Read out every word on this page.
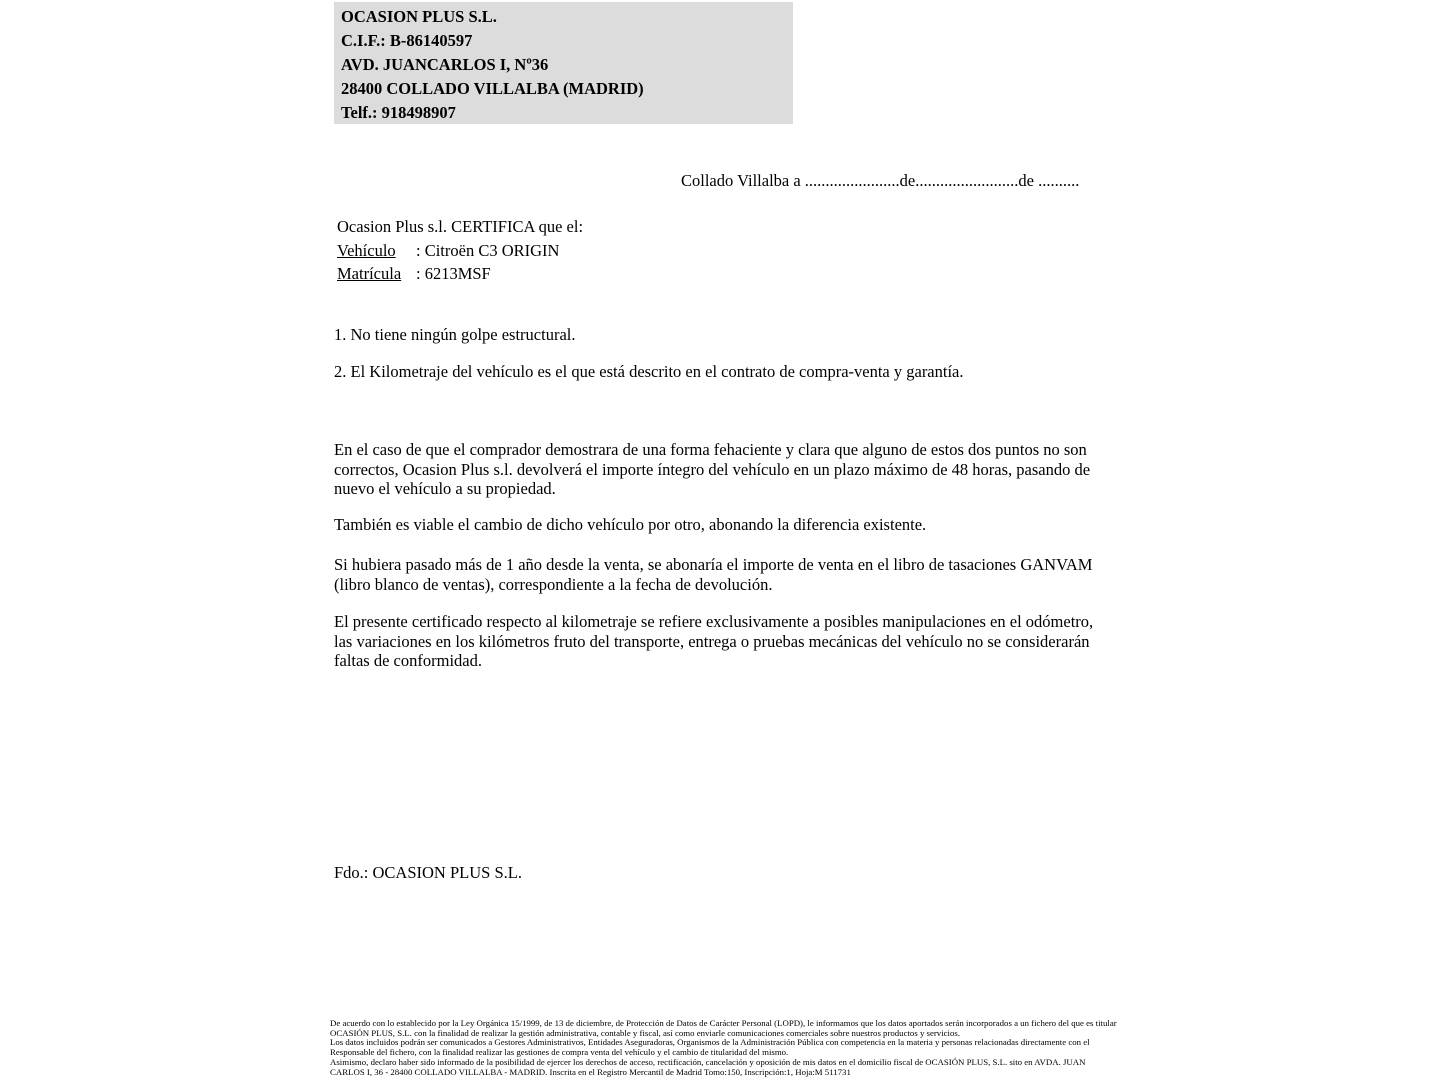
OCASION PLUS S.L.
C.I.F.: B-86140597
AVD. JUANCARLOS I, Nº36
28400 COLLADO VILLALBA (MADRID)
Telf.: 918498907
Collado Villalba a .......................de.........................de ..........
Ocasion Plus s.l. CERTIFICA que el:
Vehículo : Citroën C3 ORIGIN
Matrícula : 6213MSF
1. No tiene ningún golpe estructural.
2. El Kilometraje del vehículo es el que está descrito en el contrato de compra-venta y garantía.
En el caso de que el comprador demostrara de una forma fehaciente y clara que alguno de estos dos puntos no son correctos, Ocasion Plus s.l. devolverá el importe íntegro del vehículo en un plazo máximo de 48 horas, pasando de nuevo el vehículo a su propiedad.
También es viable el cambio de dicho vehículo por otro, abonando la diferencia existente.
Si hubiera pasado más de 1 año desde la venta, se abonaría el importe de venta en el libro de tasaciones GANVAM (libro blanco de ventas), correspondiente a la fecha de devolución.
El presente certificado respecto al kilometraje se refiere exclusivamente a posibles manipulaciones en el odómetro, las variaciones en los kilómetros fruto del transporte, entrega o pruebas mecánicas del vehículo no se considerarán faltas de conformidad.
Fdo.: OCASION PLUS S.L.
De acuerdo con lo establecido por la Ley Orgánica 15/1999, de 13 de diciembre, de Protección de Datos de Carácter Personal (LOPD), le informamos que los datos aportados serán incorporados a un fichero del que es titular
OCASIÓN PLUS, S.L. con la finalidad de realizar la gestión administrativa, contable y fiscal, así como enviarle comunicaciones comerciales sobre nuestros productos y servicios.
Los datos incluidos podrán ser comunicados a Gestores Administrativos, Entidades Aseguradoras, Organismos de la Administración Pública con competencia en la materia y personas relacionadas directamente con el
Responsable del fichero, con la finalidad realizar las gestiones de compra venta del vehículo y el cambio de titularidad del mismo.
Asimismo, declaro haber sido informado de la posibilidad de ejercer los derechos de acceso, rectificación, cancelación y oposición de mis datos en el domicilio fiscal de OCASIÓN PLUS, S.L. sito en AVDA. JUAN
CARLOS I, 36 - 28400 COLLADO VILLALBA - MADRID. Inscrita en el Registro Mercantil de Madrid Tomo:150, Inscripción:1, Hoja:M 511731
